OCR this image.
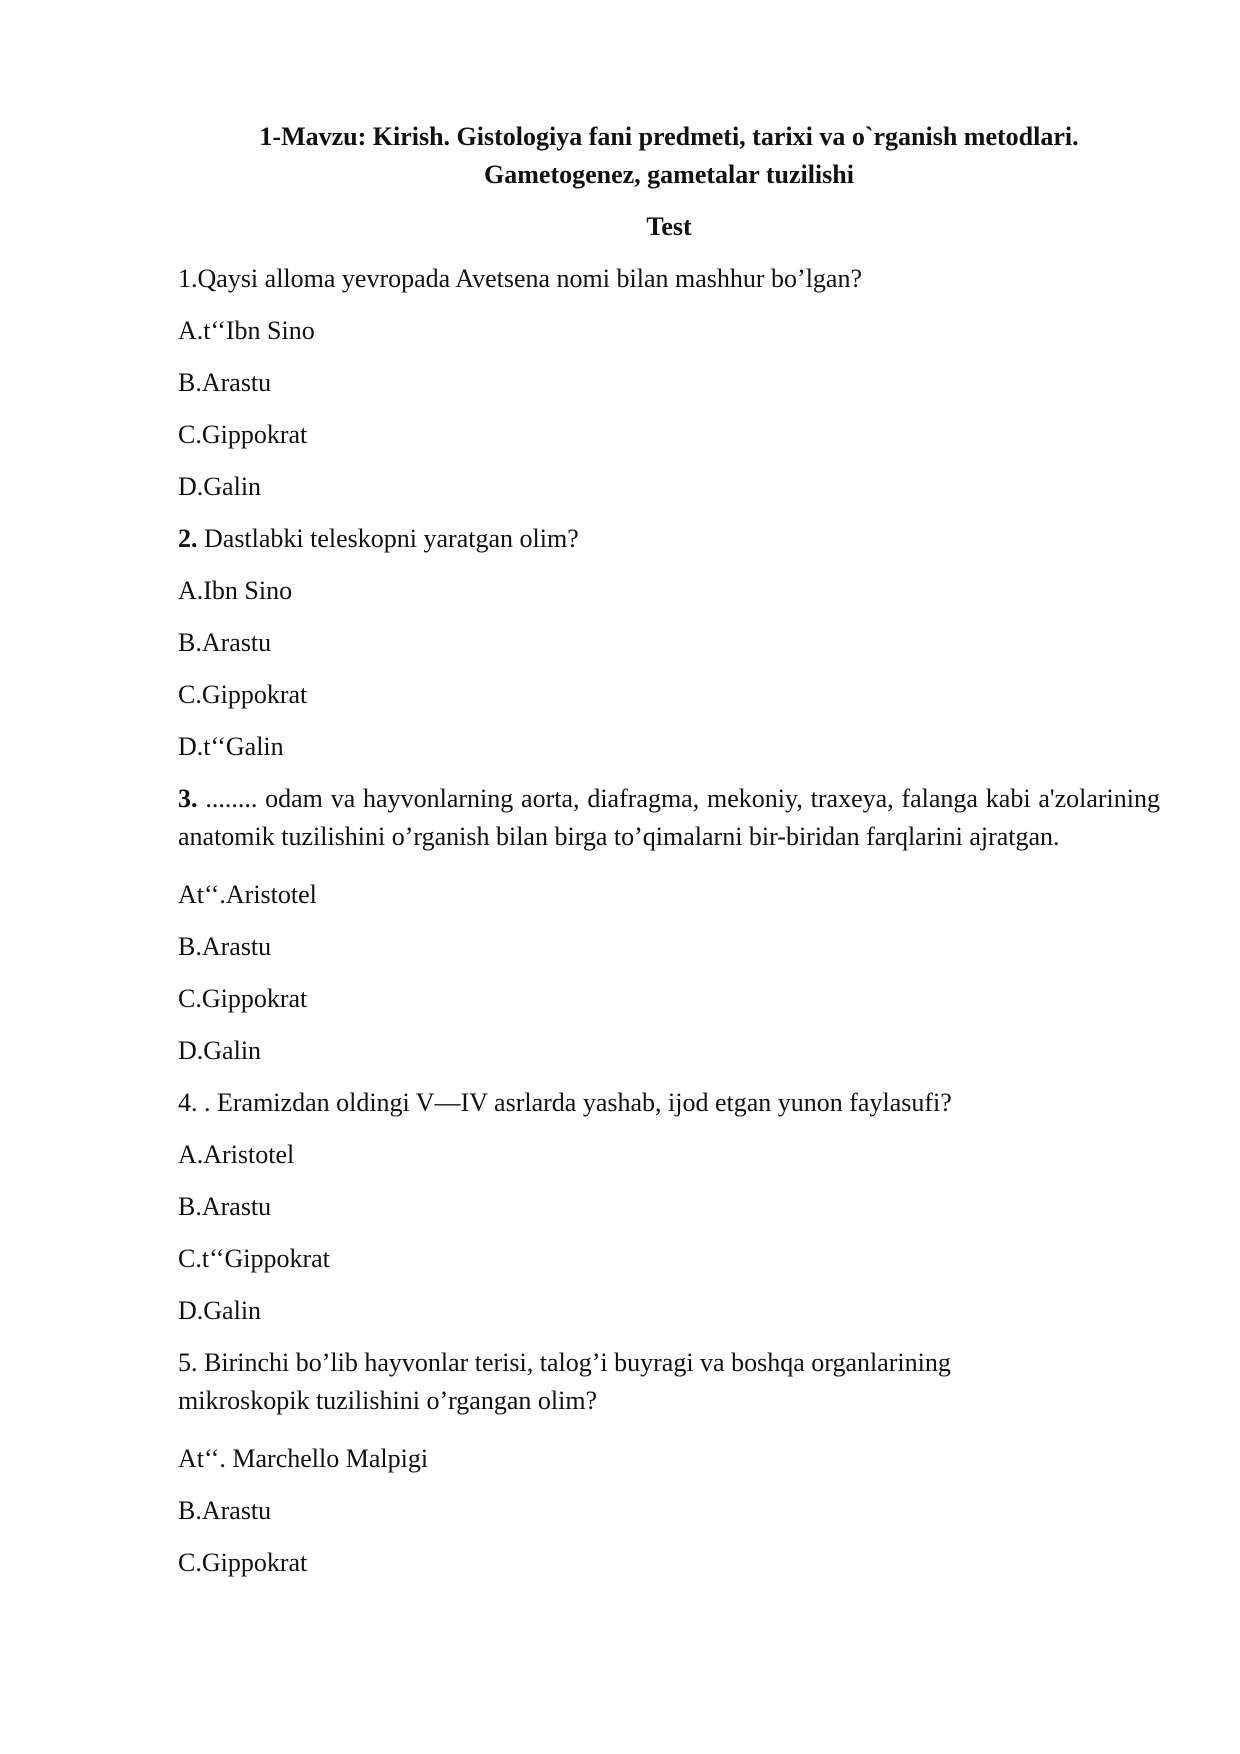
1-Mavzu: Kirish. Gistologiya fani predmeti, tarixi va o`rganish metodlari.

Gametogenez, gametalar tuzilishi

Test

1.Qaysi alloma yevropada Avetsena nomi bilan mashhur bo’lgan?

A.t‘‘Ibn Sino

B.Arastu

C.Gippokrat

D.Galin

2. Dastlabki teleskopni yaratgan olim?

A.Ibn Sino

B.Arastu

C.Gippokrat

D.t‘‘Galin

3. ........ odam va hayvonlarning aorta, diafragma, mekoniy, traxeya, falanga kabi a'zolarining anatomik tuzilishini o’rganish bilan birga to’qimalarni bir-biridan farqlarini ajratgan.

At‘‘.Aristotel

B.Arastu

C.Gippokrat

D.Galin

4. . Eramizdan oldingi V—IV asrlarda yashab, ijod etgan yunon faylasufi?

A.Aristotel

B.Arastu

C.t‘‘Gippokrat

D.Galin

5. Birinchi bo’lib hayvonlar terisi, talog’i buyragi va boshqa organlarining

mikroskopik tuzilishini o’rgangan olim?

At‘‘. Marchello Malpigi

B.Arastu

C.Gippokrat
